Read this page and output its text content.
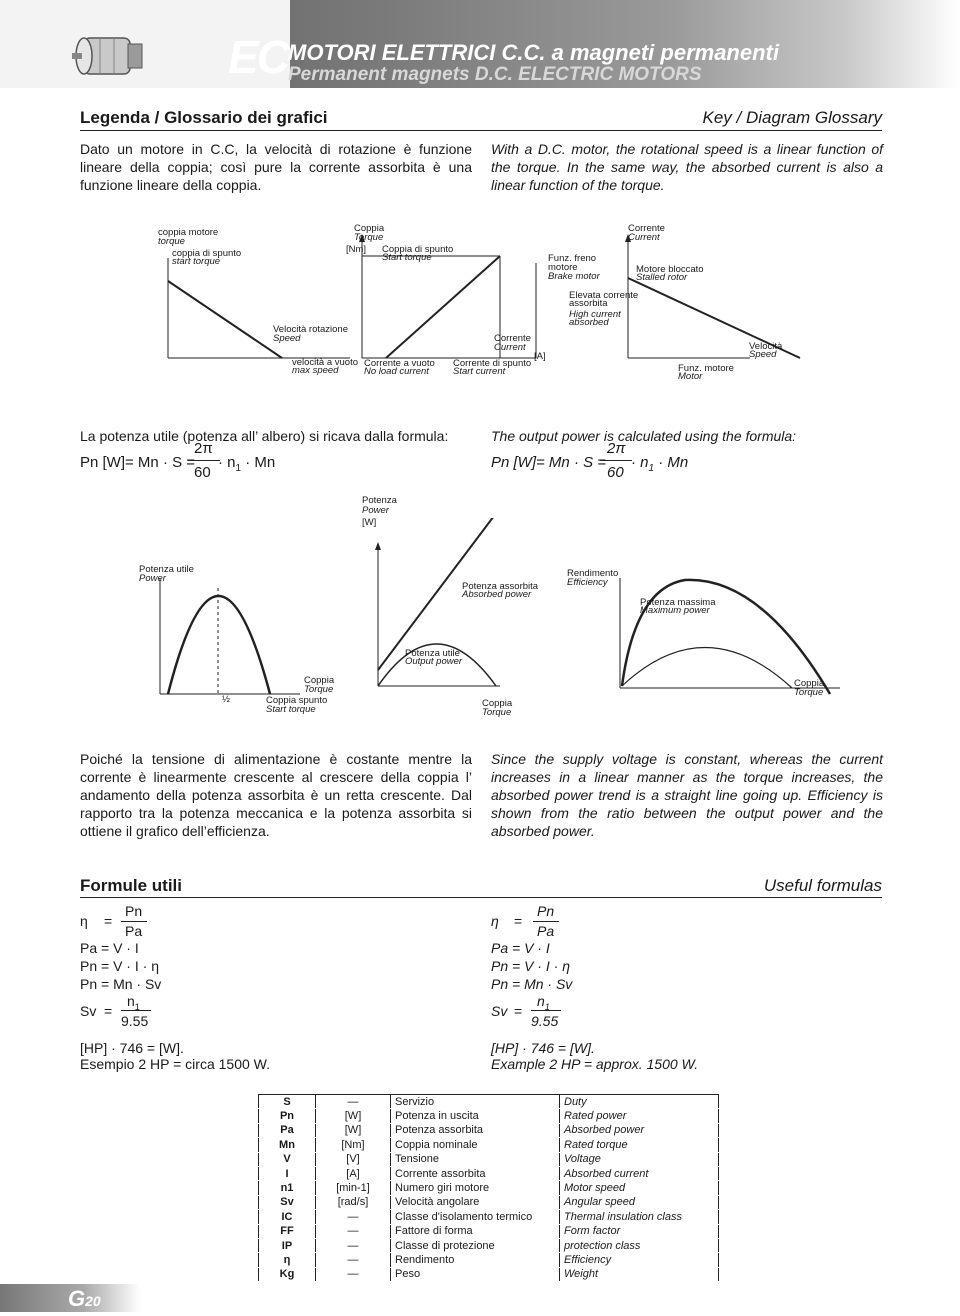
EC MOTORI ELETTRICI C.C. a magneti permanenti
Permanent magnets D.C. ELECTRIC MOTORS
Legenda / Glossario dei grafici	Key / Diagram Glossary
Dato un motore in C.C, la velocità di rotazione è funzione lineare della coppia; così pure la corrente assorbita è una funzione lineare della coppia.
With a D.C. motor, the rotational speed is a linear function of the torque. In the same way, the absorbed current is also a linear function of the torque.
coppia motore
torque
coppia di spunto
start torque
Velocità rotazione
Speed
velocità a vuoto
max speed
Coppia
Torque
[Nm] Coppia di spunto
Start torque
Corrente
Current
[A]
Corrente a vuoto
No load current
Corrente di spunto
Start current
Funz. freno
motore
Brake motor
Corrente
Current
Motore bloccato
Stalled rotor
Elevata corrente
assorbita
High current
absorbed
Velocità
Speed
Funz. motore
Motor
La potenza utile (potenza all’ albero) si ricava dalla formula:	The output power is calculated using the formula:
Pn [W]= Mn · S =
2π
60
· $n_1 \cdot Mn$	Pn [W]= Mn · S =
2π
60
· $n_1 \cdot Mn$
Potenza utile
Power
½	Coppia spunto
Start torque
Coppia
Torque
Potenza
Power
[W]
Potenza assorbita
Absorbed power
Potenza utile
Output power
Coppia
Torque
Rendimento
Efficiency
Potenza massima
Maximum power
Coppia
Torque
Poiché la tensione di alimentazione è costante mentre la corrente è linearmente crescente al crescere della coppia l’ andamento della potenza assorbita è un retta crescente. Dal rapporto tra la potenza meccanica e la potenza assorbita si ottiene il grafico dell’efficienza.
Since the supply voltage is constant, whereas the current increases in a linear manner as the torque increases, the absorbed power trend is a straight line going up. Efficiency is shown from the ratio between the output power and the absorbed power.
Formule utili	Useful formulas
η =
Pn
Pa
Pa = V · I
Pn = V · I · η
Pn = Mn · Sv
Sv =
$n_1$
9.55
[HP] · 746 = [W].
Esempio 2 HP = circa 1500 W.
η =
Pn
Pa
Pa = V · I
Pn = V · I · η
Pn = Mn · Sv
Sv =
$n_1$
9.55
[HP] · 746 = [W].
Example 2 HP = approx. 1500 W.
S	—	Servizio	Duty
Pn	[W]	Potenza in uscita	Rated power
Pa	[W]	Potenza assorbita	Absorbed power
Mn	[Nm]	Coppia nominale	Rated torque
V	[V]	Tensione	Voltage
I	[A]	Corrente assorbita	Absorbed current
n1	[min-1]	Numero giri motore	Motor speed
Sv	[rad/s]	Velocità angolare	Angular speed
IC	—	Classe d'isolamento termico	Thermal insulation class
FF	—	Fattore di forma	Form factor
IP	—	Classe di protezione	protection class
η	—	Rendimento	Efficiency
Kg	—	Peso	Weight
G20
